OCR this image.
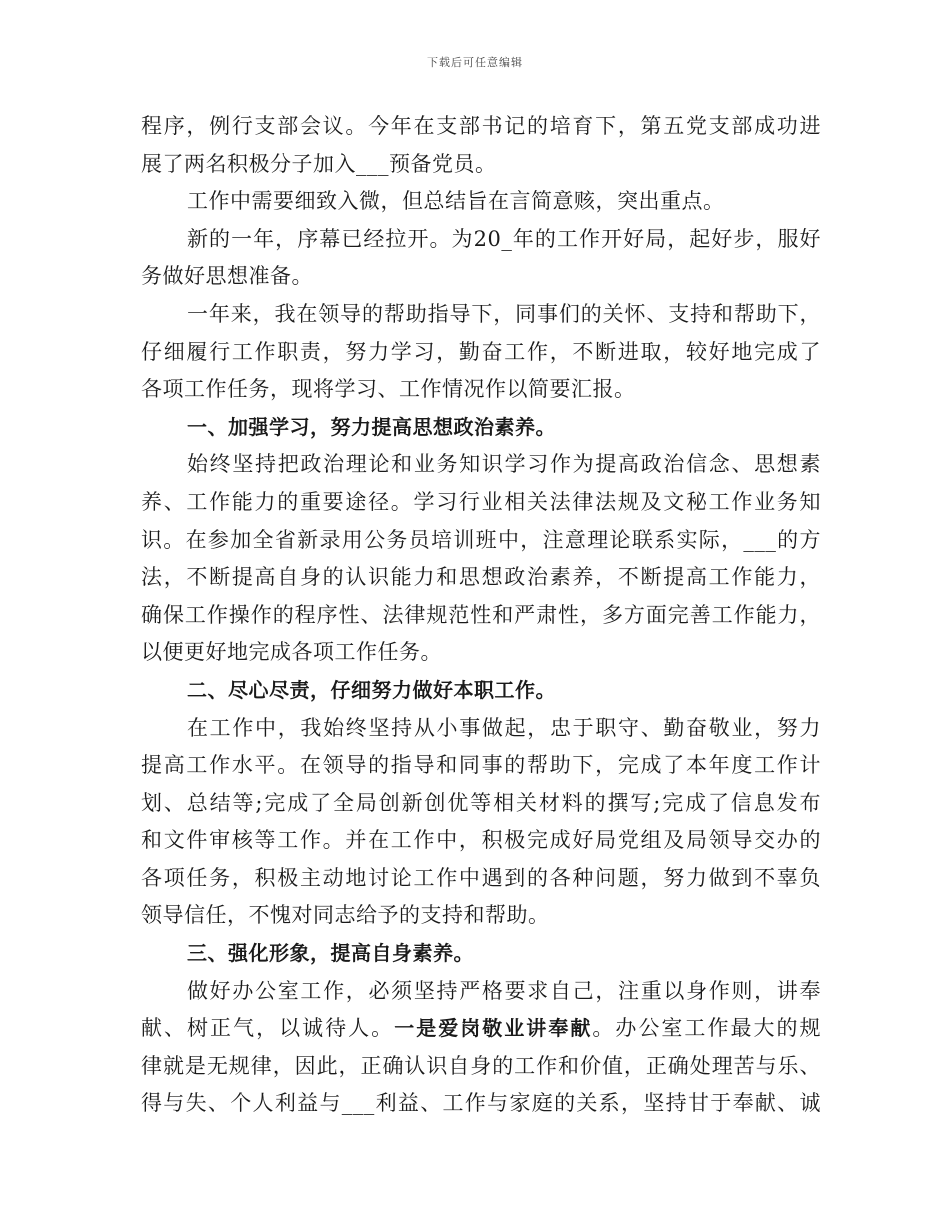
下载后可任意编辑
程序，例行支部会议。今年在支部书记的培育下，第五党支部成功进
展了两名积极分子加入___预备党员。
工作中需要细致入微，但总结旨在言简意赅，突出重点。
新的一年，序幕已经拉开。为20_年的工作开好局，起好步，服好
务做好思想准备。
一年来，我在领导的帮助指导下，同事们的关怀、支持和帮助下，
仔细履行工作职责，努力学习，勤奋工作，不断进取，较好地完成了
各项工作任务，现将学习、工作情况作以简要汇报。
一、加强学习，努力提高思想政治素养。
始终坚持把政治理论和业务知识学习作为提高政治信念、思想素
养、工作能力的重要途径。学习行业相关法律法规及文秘工作业务知
识。在参加全省新录用公务员培训班中，注意理论联系实际，___的方
法，不断提高自身的认识能力和思想政治素养，不断提高工作能力，
确保工作操作的程序性、法律规范性和严肃性，多方面完善工作能力，
以便更好地完成各项工作任务。
二、尽心尽责，仔细努力做好本职工作。
在工作中，我始终坚持从小事做起，忠于职守、勤奋敬业，努力
提高工作水平。在领导的指导和同事的帮助下，完成了本年度工作计
划、总结等;完成了全局创新创优等相关材料的撰写;完成了信息发布
和文件审核等工作。并在工作中，积极完成好局党组及局领导交办的
各项任务，积极主动地讨论工作中遇到的各种问题，努力做到不辜负
领导信任，不愧对同志给予的支持和帮助。
三、强化形象，提高自身素养。
做好办公室工作，必须坚持严格要求自己，注重以身作则，讲奉
献、树正气，以诚待人。一是爱岗敬业讲奉献。办公室工作最大的规
律就是无规律，因此，正确认识自身的工作和价值，正确处理苦与乐、
得与失、个人利益与___利益、工作与家庭的关系，坚持甘于奉献、诚
